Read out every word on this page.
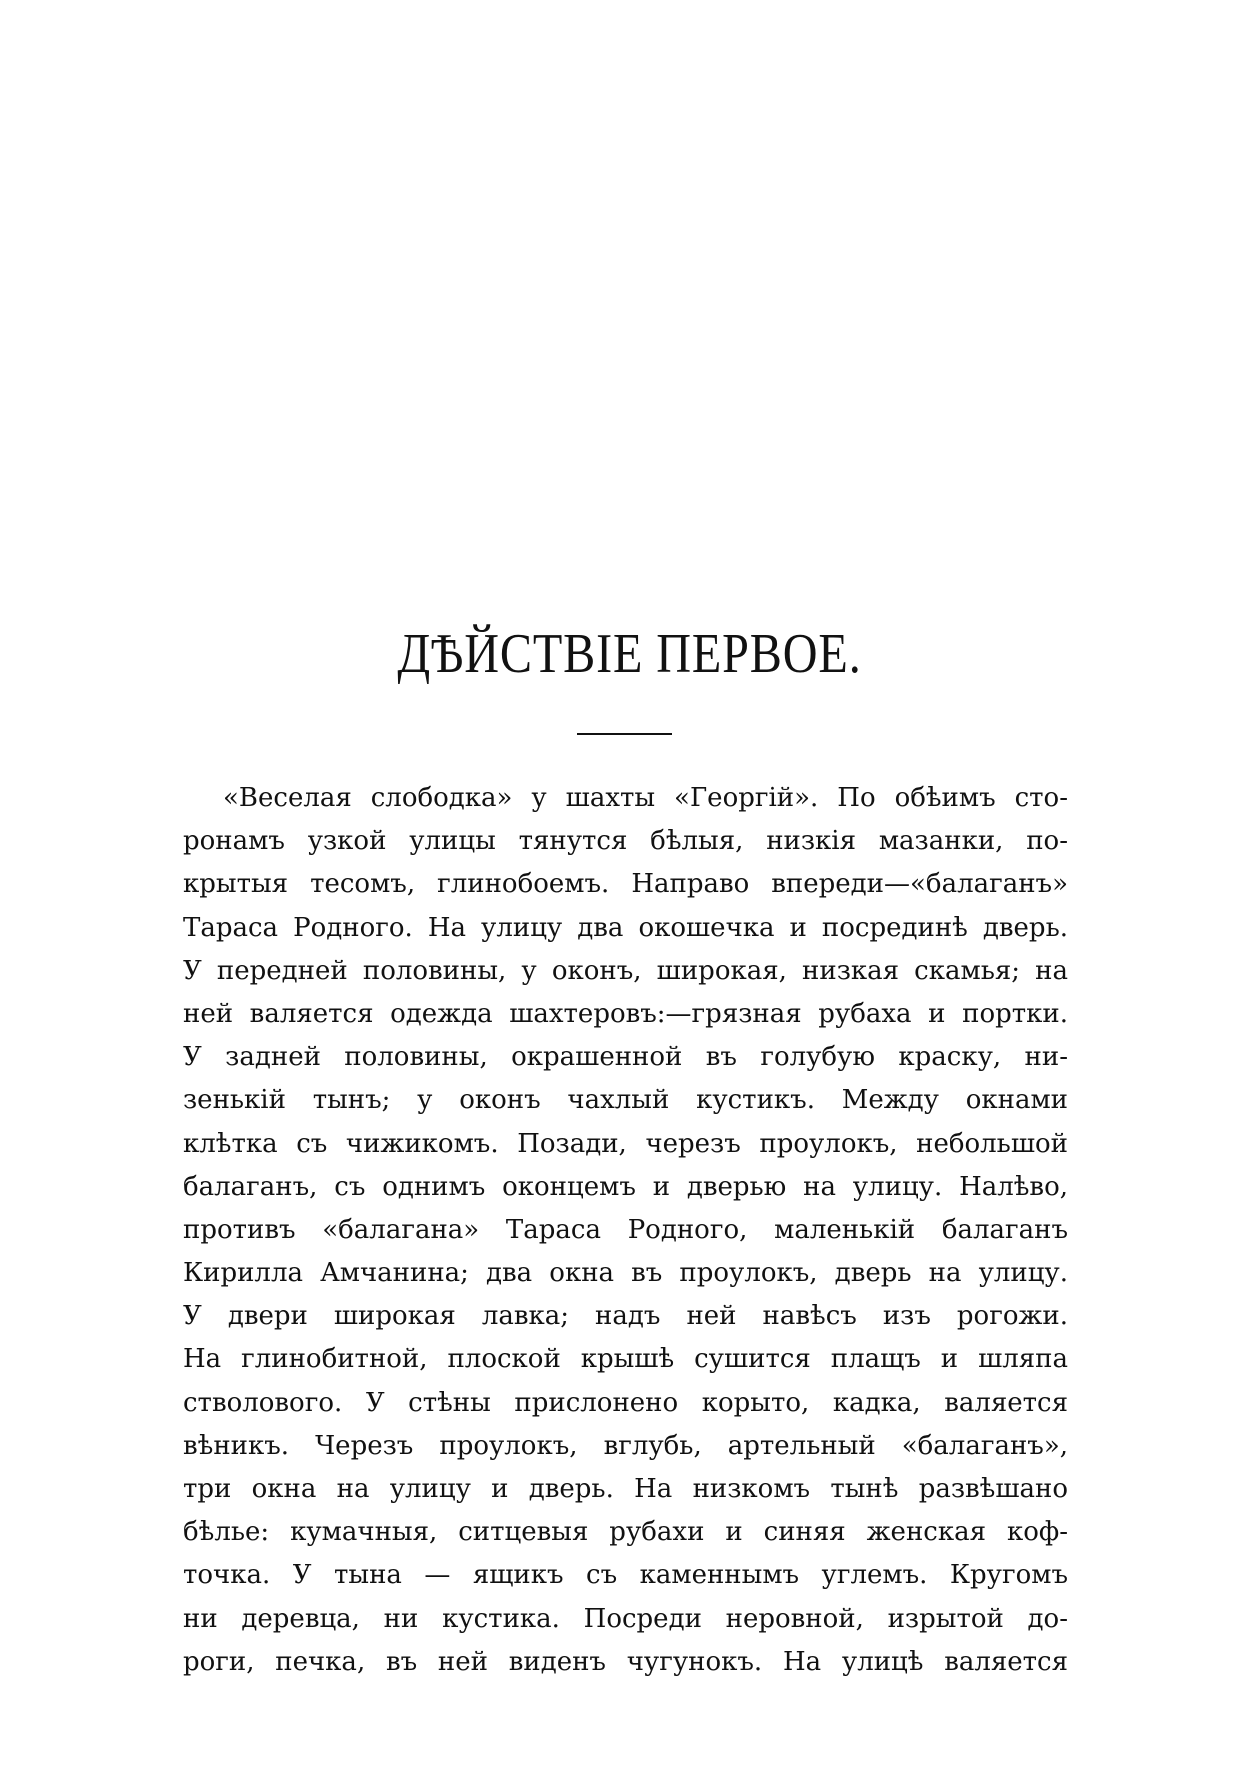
ДѢЙСТВІЕ ПЕРВОЕ.
«Веселая слободка» у шахты «Георгій». По обѣимъ сто-
ронамъ узкой улицы тянутся бѣлыя, низкія мазанки, по-
крытыя тесомъ, глинобоемъ. Направо впереди—«балаганъ»
Тараса Родного. На улицу два окошечка и посрединѣ дверь.
У передней половины, у оконъ, широкая, низкая скамья; на
ней валяется одежда шахтеровъ:—грязная рубаха и портки.
У задней половины, окрашенной въ голубую краску, ни-
зенькій тынъ; у оконъ чахлый кустикъ. Между окнами
клѣтка съ чижикомъ. Позади, черезъ проулокъ, небольшой
балаганъ, съ однимъ оконцемъ и дверью на улицу. Налѣво,
противъ «балагана» Тараса Родного, маленькій балаганъ
Кирилла Амчанина; два окна въ проулокъ, дверь на улицу.
У двери широкая лавка; надъ ней навѣсъ изъ рогожи.
На глинобитной, плоской крышѣ сушится плащъ и шляпа
стволового. У стѣны прислонено корыто, кадка, валяется
вѣникъ. Черезъ проулокъ, вглубь, артельный «балаганъ»,
три окна на улицу и дверь. На низкомъ тынѣ развѣшано
бѣлье: кумачныя, ситцевыя рубахи и синяя женская коф-
точка. У тына — ящикъ съ каменнымъ углемъ. Кругомъ
ни деревца, ни кустика. Посреди неровной, изрытой до-
роги, печка, въ ней виденъ чугунокъ. На улицѣ валяется
